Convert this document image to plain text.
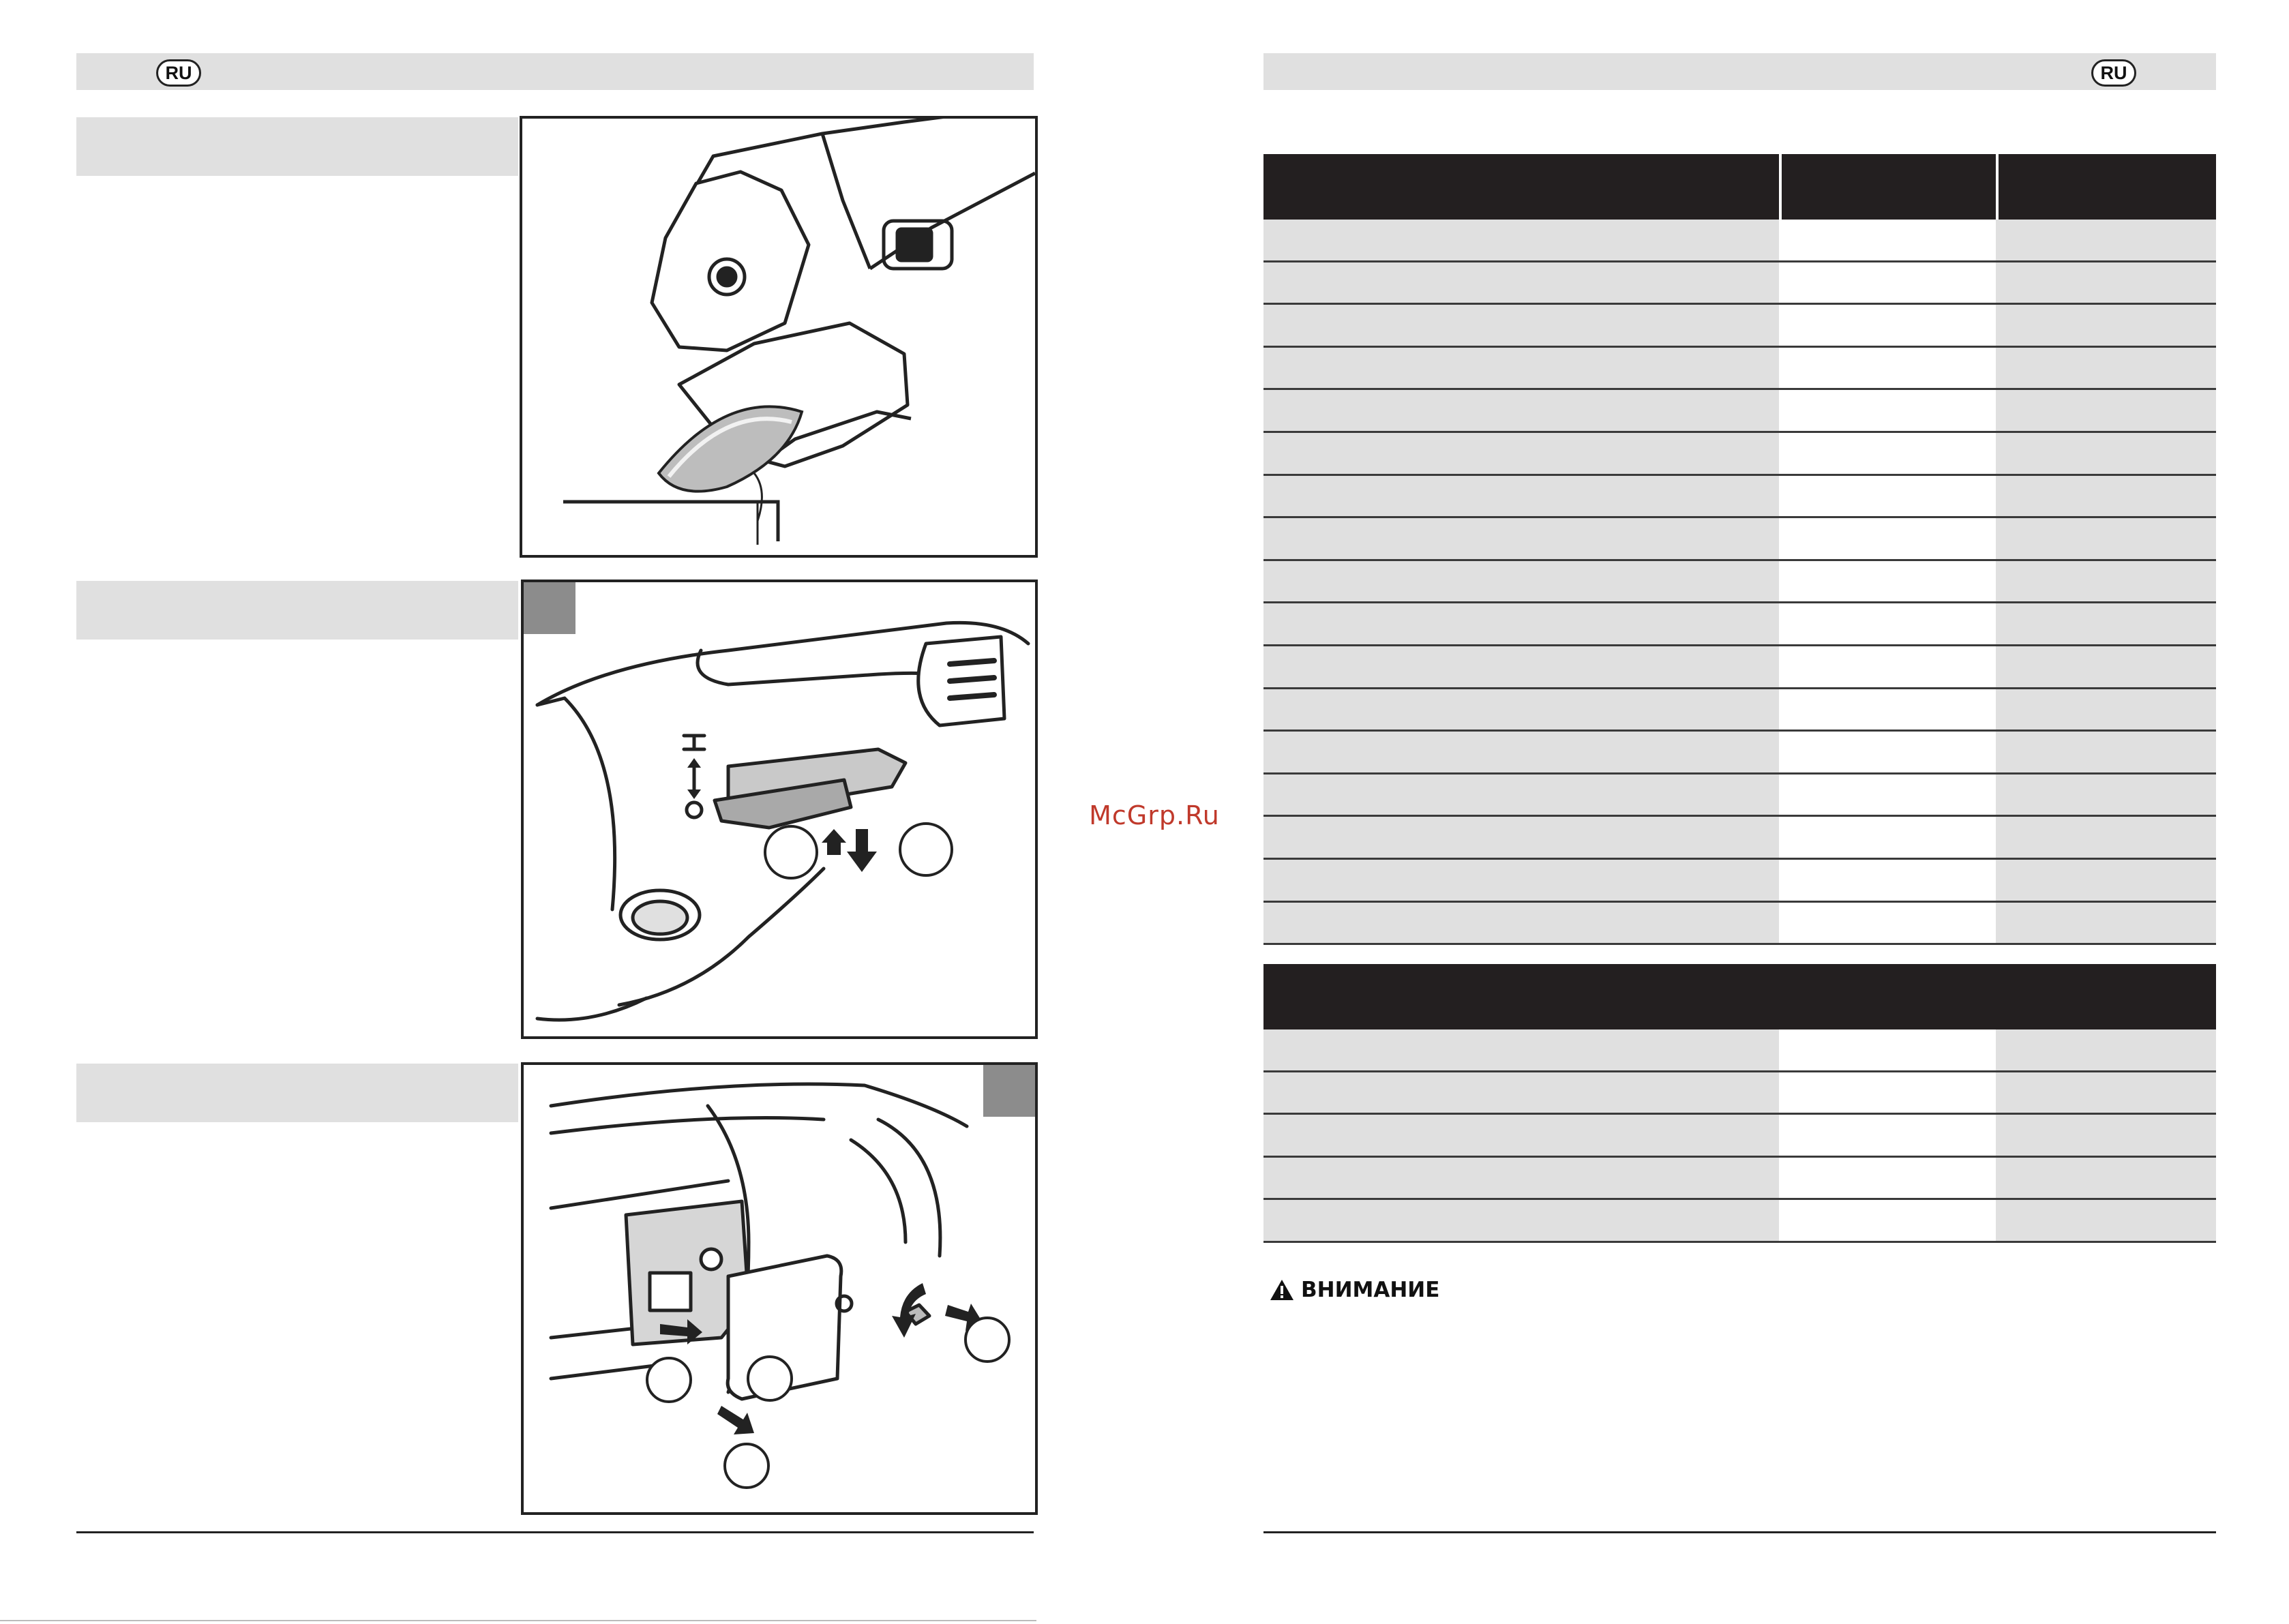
RU
McGrp.Ru
RU
ВНИМАНИЕ
